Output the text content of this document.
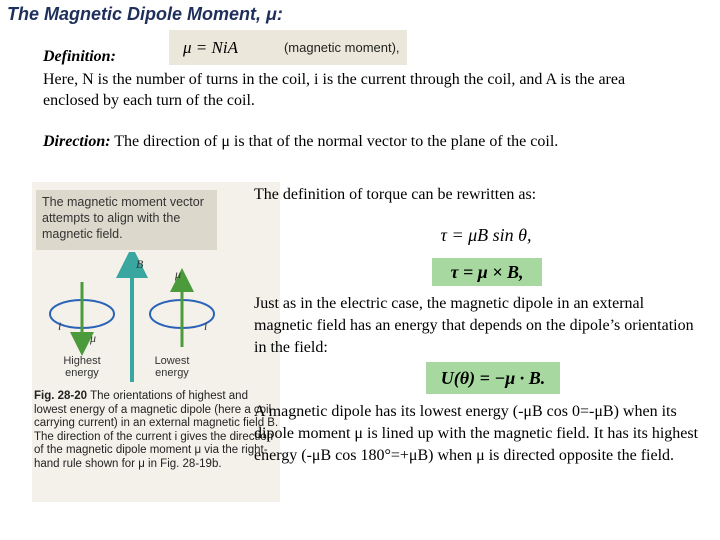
The Magnetic Dipole Moment, μ:
Definition:	μ = NiA	(magnetic moment),
Here, N is the number of turns in the coil, i is the current through the coil, and A is the area enclosed by each turn of the coil.
Direction: The direction of μ is that of the normal vector to the plane of the coil.
The magnetic moment vector attempts to align with the magnetic field.
B
μ
μ
i	i
Highest energy
Lowest energy
Fig. 28-20 The orientations of highest and lowest energy of a magnetic dipole (here a coil carrying current) in an external magnetic field B. The direction of the current i gives the direction of the magnetic dipole moment μ via the right-hand rule shown for μ in Fig. 28-19b.
The definition of torque can be rewritten as:
τ = μB sin θ,
τ = μ × B,
Just as in the electric case, the magnetic dipole in an external magnetic field has an energy that depends on the dipole’s orientation in the field:
U(θ) = −μ · B.
A magnetic dipole has its lowest energy (-μB cos 0=-μB) when its dipole moment μ is lined up with the magnetic field. It has its highest energy (-μB cos 180°=+μB) when μ is directed opposite the field.
